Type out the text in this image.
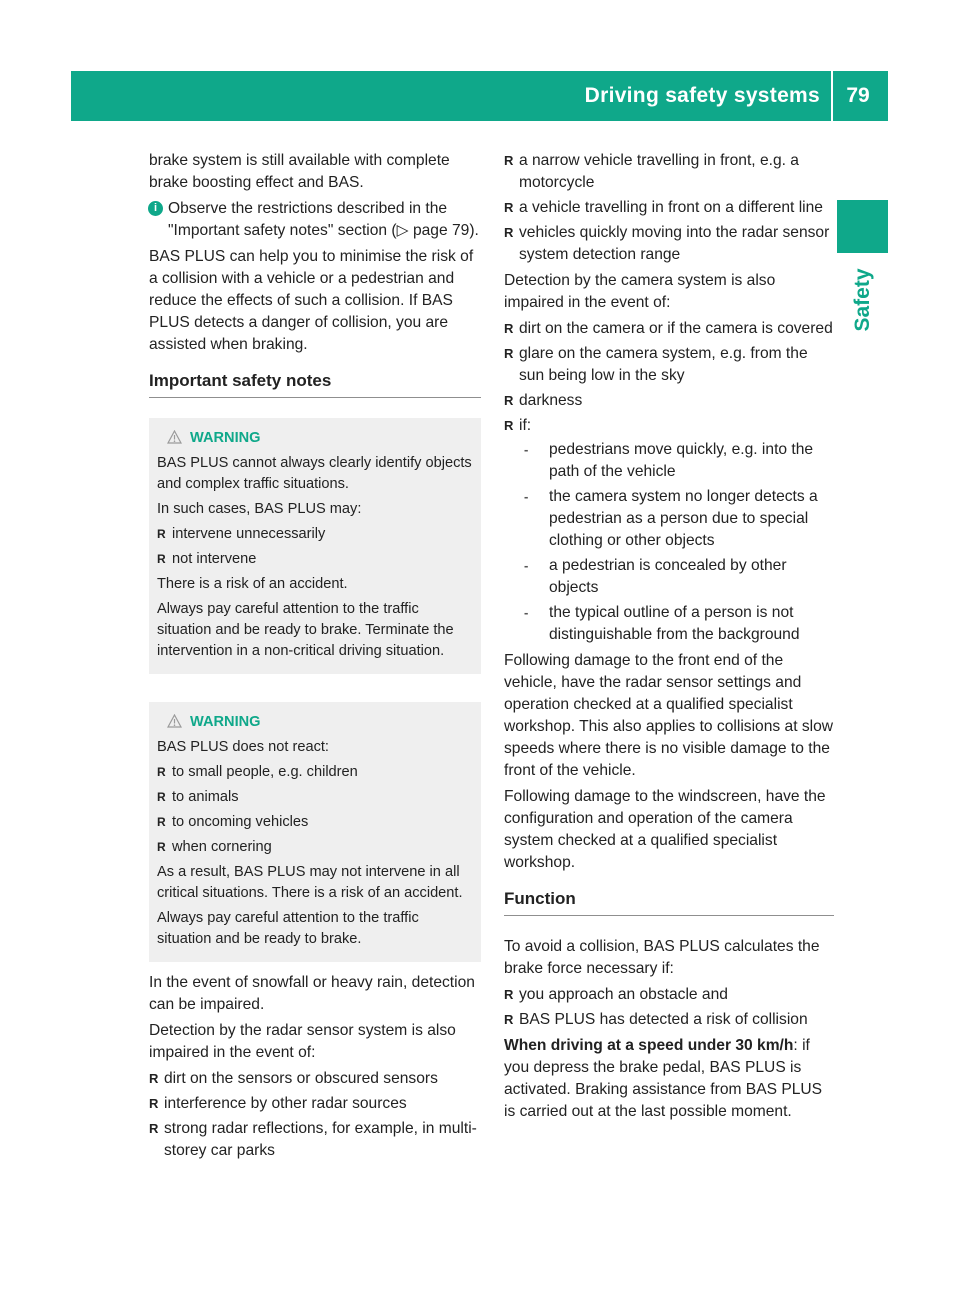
Driving safety systems	79
Safety

brake system is still available with complete brake boosting effect and BAS.

i Observe the restrictions described in the "Important safety notes" section (▷ page 79).

BAS PLUS can help you to minimise the risk of a collision with a vehicle or a pedestrian and reduce the effects of such a collision. If BAS PLUS detects a danger of collision, you are assisted when braking.

Important safety notes
WARNING

BAS PLUS cannot always clearly identify objects and complex traffic situations.

In such cases, BAS PLUS may:

R intervene unnecessarily
R not intervene

There is a risk of an accident.

Always pay careful attention to the traffic situation and be ready to brake. Terminate the intervention in a non-critical driving situation.

WARNING

BAS PLUS does not react:

R to small people, e.g. children
R to animals
R to oncoming vehicles
R when cornering

As a result, BAS PLUS may not intervene in all critical situations. There is a risk of an accident.

Always pay careful attention to the traffic situation and be ready to brake.

In the event of snowfall or heavy rain, detection can be impaired.

Detection by the radar sensor system is also impaired in the event of:

R dirt on the sensors or obscured sensors
R interference by other radar sources
R strong radar reflections, for example, in multi-storey car parks
R a narrow vehicle travelling in front, e.g. a motorcycle
R a vehicle travelling in front on a different line
R vehicles quickly moving into the radar sensor system detection range

Detection by the camera system is also impaired in the event of:

R dirt on the camera or if the camera is covered
R glare on the camera system, e.g. from the sun being low in the sky
R darkness
R if:
- pedestrians move quickly, e.g. into the path of the vehicle
- the camera system no longer detects a pedestrian as a person due to special clothing or other objects
- a pedestrian is concealed by other objects
- the typical outline of a person is not distinguishable from the background

Following damage to the front end of the vehicle, have the radar sensor settings and operation checked at a qualified specialist workshop. This also applies to collisions at slow speeds where there is no visible damage to the front of the vehicle.

Following damage to the windscreen, have the configuration and operation of the camera system checked at a qualified specialist workshop.

Function

To avoid a collision, BAS PLUS calculates the brake force necessary if:

R you approach an obstacle and
R BAS PLUS has detected a risk of collision

When driving at a speed under 30 km/h: if you depress the brake pedal, BAS PLUS is activated. Braking assistance from BAS PLUS is carried out at the last possible moment.
